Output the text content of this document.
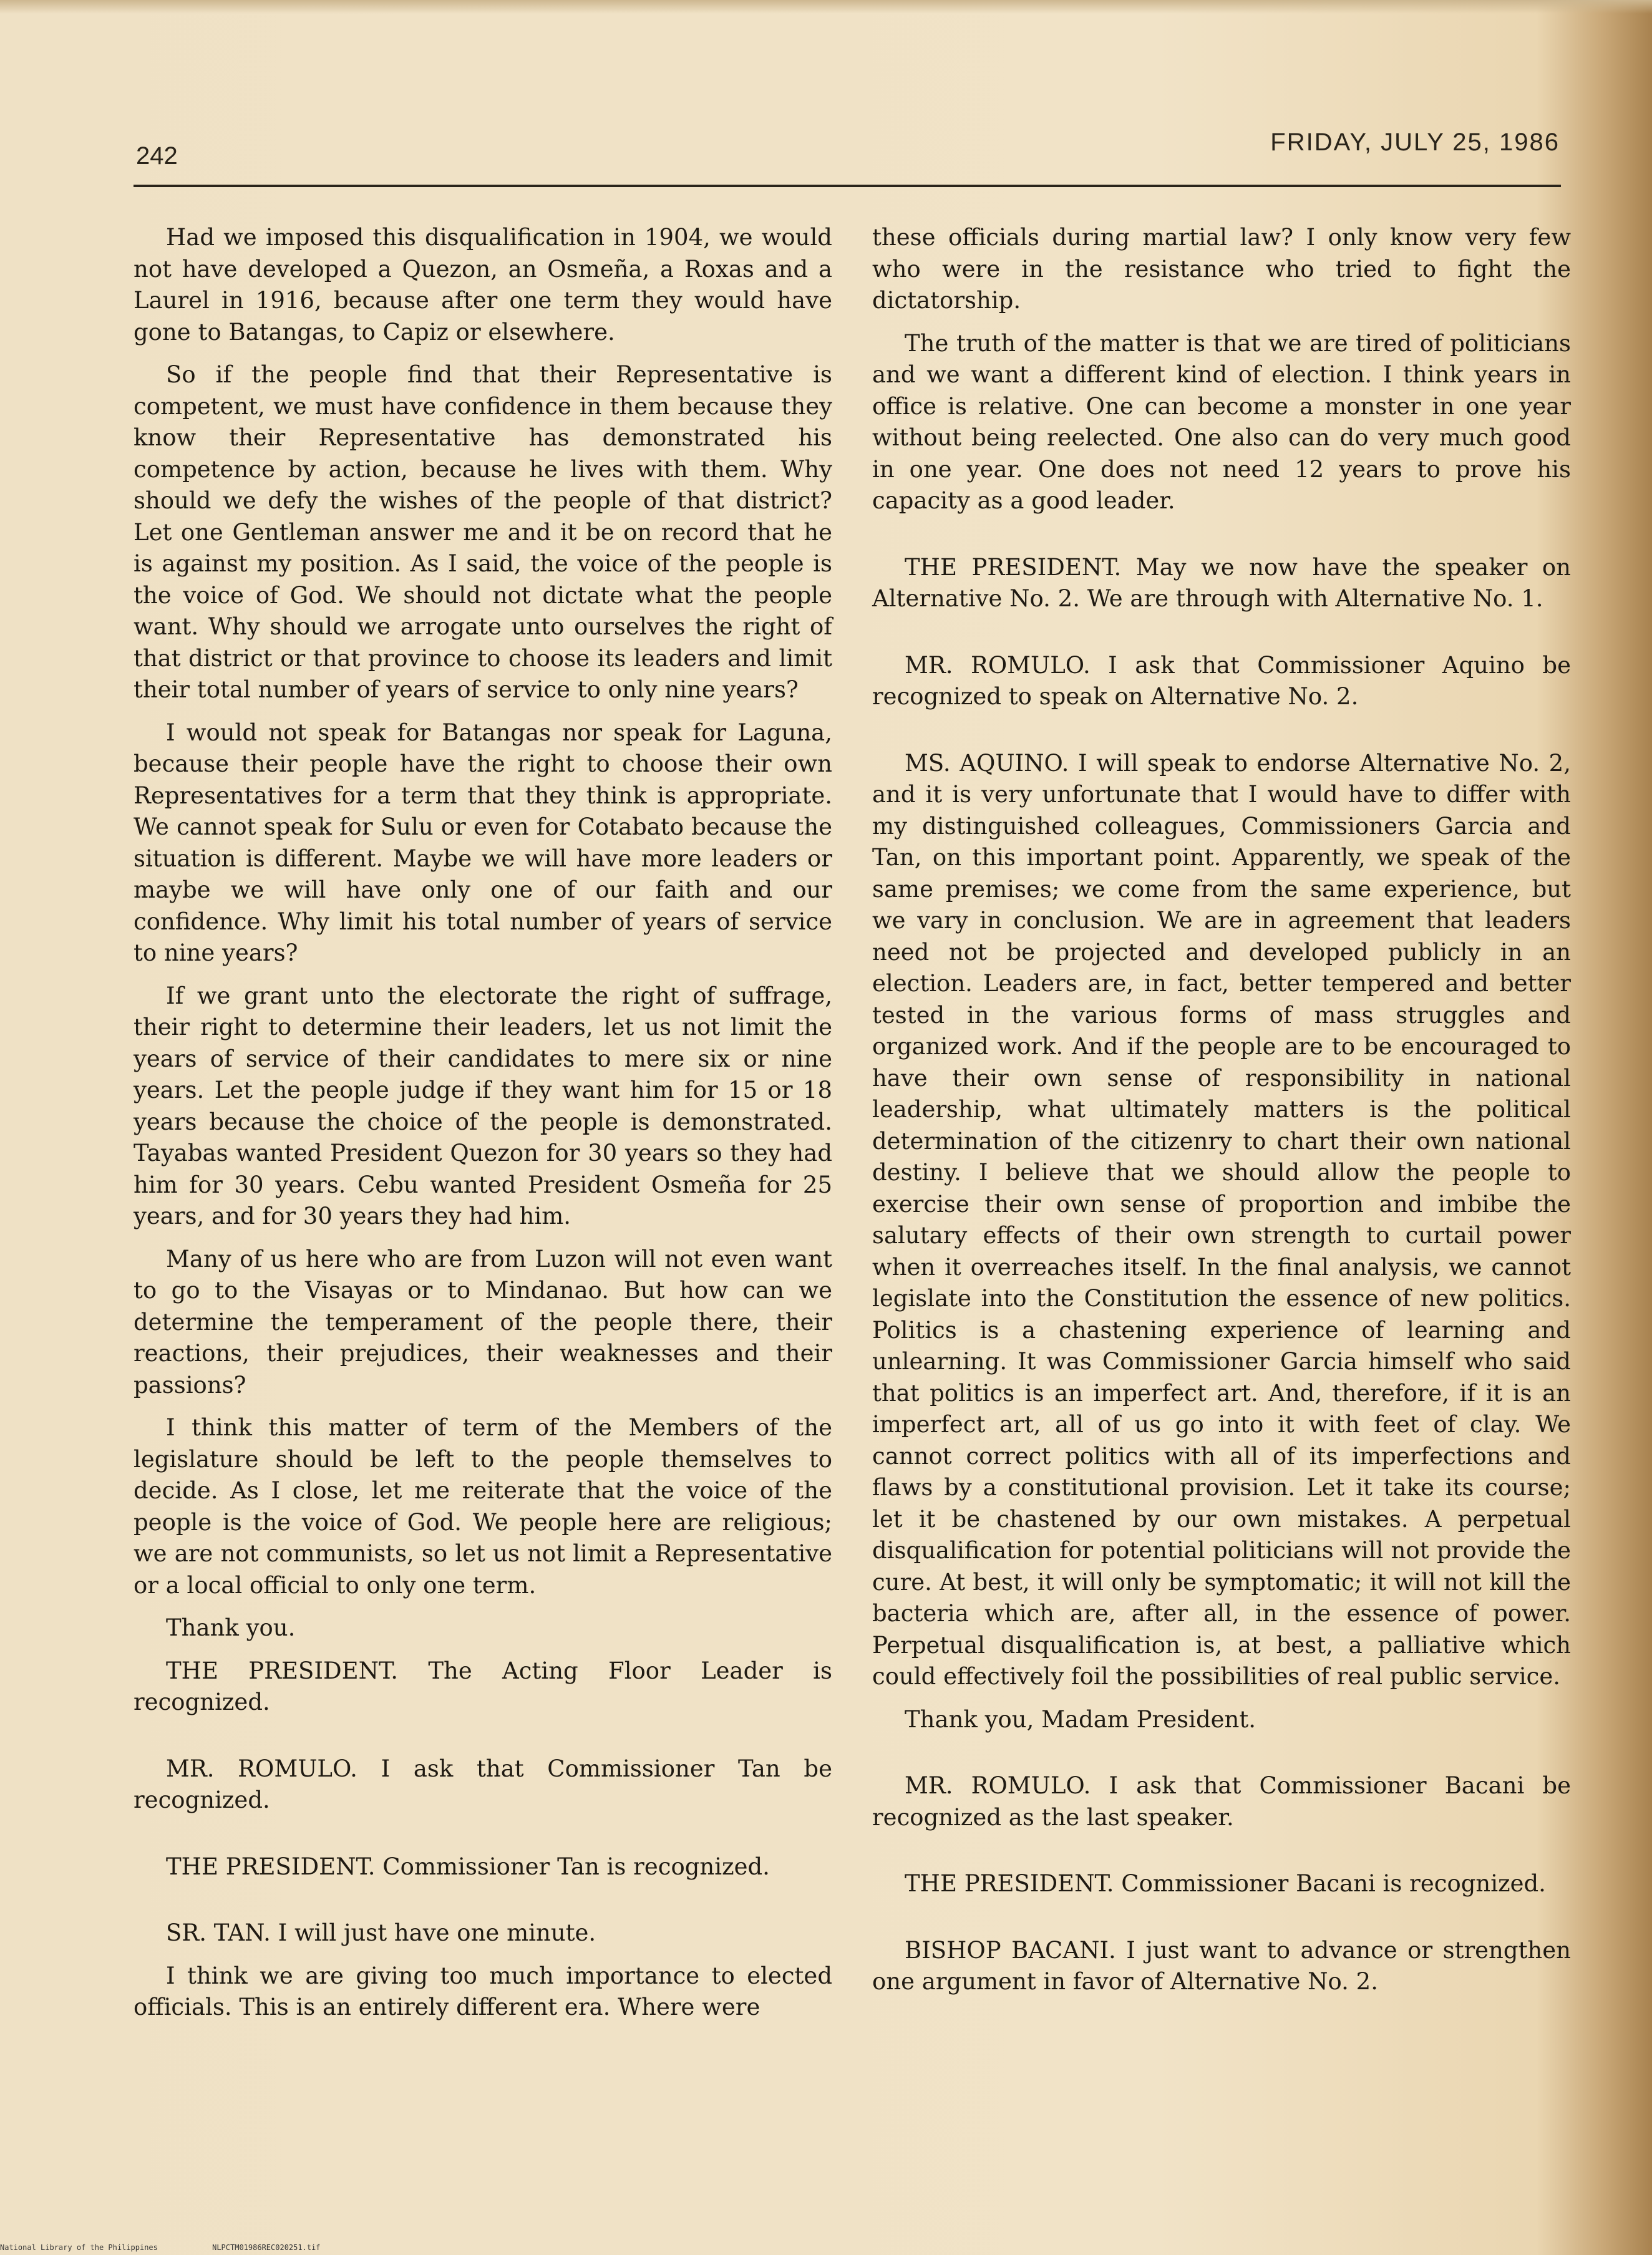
242	FRIDAY, JULY 25, 1986

Had we imposed this disqualification in 1904, we would not have developed a Quezon, an Osmeña, a Roxas and a Laurel in 1916, because after one term they would have gone to Batangas, to Capiz or elsewhere.

So if the people find that their Representative is competent, we must have confidence in them because they know their Representative has demonstrated his competence by action, because he lives with them. Why should we defy the wishes of the people of that district? Let one Gentleman answer me and it be on record that he is against my position. As I said, the voice of the people is the voice of God. We should not dictate what the people want. Why should we arrogate unto ourselves the right of that district or that province to choose its leaders and limit their total number of years of service to only nine years?

I would not speak for Batangas nor speak for Laguna, because their people have the right to choose their own Representatives for a term that they think is appropriate. We cannot speak for Sulu or even for Cotabato because the situation is different. Maybe we will have more leaders or maybe we will have only one of our faith and our confidence. Why limit his total number of years of service to nine years?

If we grant unto the electorate the right of suffrage, their right to determine their leaders, let us not limit the years of service of their candidates to mere six or nine years. Let the people judge if they want him for 15 or 18 years because the choice of the people is demonstrated. Tayabas wanted President Quezon for 30 years so they had him for 30 years. Cebu wanted President Osmeña for 25 years, and for 30 years they had him.

Many of us here who are from Luzon will not even want to go to the Visayas or to Mindanao. But how can we determine the temperament of the people there, their reactions, their prejudices, their weaknesses and their passions?

I think this matter of term of the Members of the legislature should be left to the people themselves to decide. As I close, let me reiterate that the voice of the people is the voice of God. We people here are religious; we are not communists, so let us not limit a Representative or a local official to only one term.

Thank you.

THE PRESIDENT. The Acting Floor Leader is recognized.

MR. ROMULO. I ask that Commissioner Tan be recognized.

THE PRESIDENT. Commissioner Tan is recognized.

SR. TAN. I will just have one minute.

I think we are giving too much importance to elected officials. This is an entirely different era. Where were

these officials during martial law? I only know very few who were in the resistance who tried to fight the dictatorship.

The truth of the matter is that we are tired of politicians and we want a different kind of election. I think years in office is relative. One can become a monster in one year without being reelected. One also can do very much good in one year. One does not need 12 years to prove his capacity as a good leader.

THE PRESIDENT. May we now have the speaker on Alternative No. 2. We are through with Alternative No. 1.

MR. ROMULO. I ask that Commissioner Aquino be recognized to speak on Alternative No. 2.

MS. AQUINO. I will speak to endorse Alternative No. 2, and it is very unfortunate that I would have to differ with my distinguished colleagues, Commissioners Garcia and Tan, on this important point. Apparently, we speak of the same premises; we come from the same experience, but we vary in conclusion. We are in agreement that leaders need not be projected and developed publicly in an election. Leaders are, in fact, better tempered and better tested in the various forms of mass struggles and organized work. And if the people are to be encouraged to have their own sense of responsibility in national leadership, what ultimately matters is the political determination of the citizenry to chart their own national destiny. I believe that we should allow the people to exercise their own sense of proportion and imbibe the salutary effects of their own strength to curtail power when it overreaches itself. In the final analysis, we cannot legislate into the Constitution the essence of new politics. Politics is a chastening experience of learning and unlearning. It was Commissioner Garcia himself who said that politics is an imperfect art. And, therefore, if it is an imperfect art, all of us go into it with feet of clay. We cannot correct politics with all of its imperfections and flaws by a constitutional provision. Let it take its course; let it be chastened by our own mistakes. A perpetual disqualification for potential politicians will not provide the cure. At best, it will only be symptomatic; it will not kill the bacteria which are, after all, in the essence of power. Perpetual disqualification is, at best, a palliative which could effectively foil the possibilities of real public service.

Thank you, Madam President.

MR. ROMULO. I ask that Commissioner Bacani be recognized as the last speaker.

THE PRESIDENT. Commissioner Bacani is recognized.

BISHOP BACANI. I just want to advance or strengthen one argument in favor of Alternative No. 2.

National Library of the Philippines	NLPCTM01986REC020251.tif
